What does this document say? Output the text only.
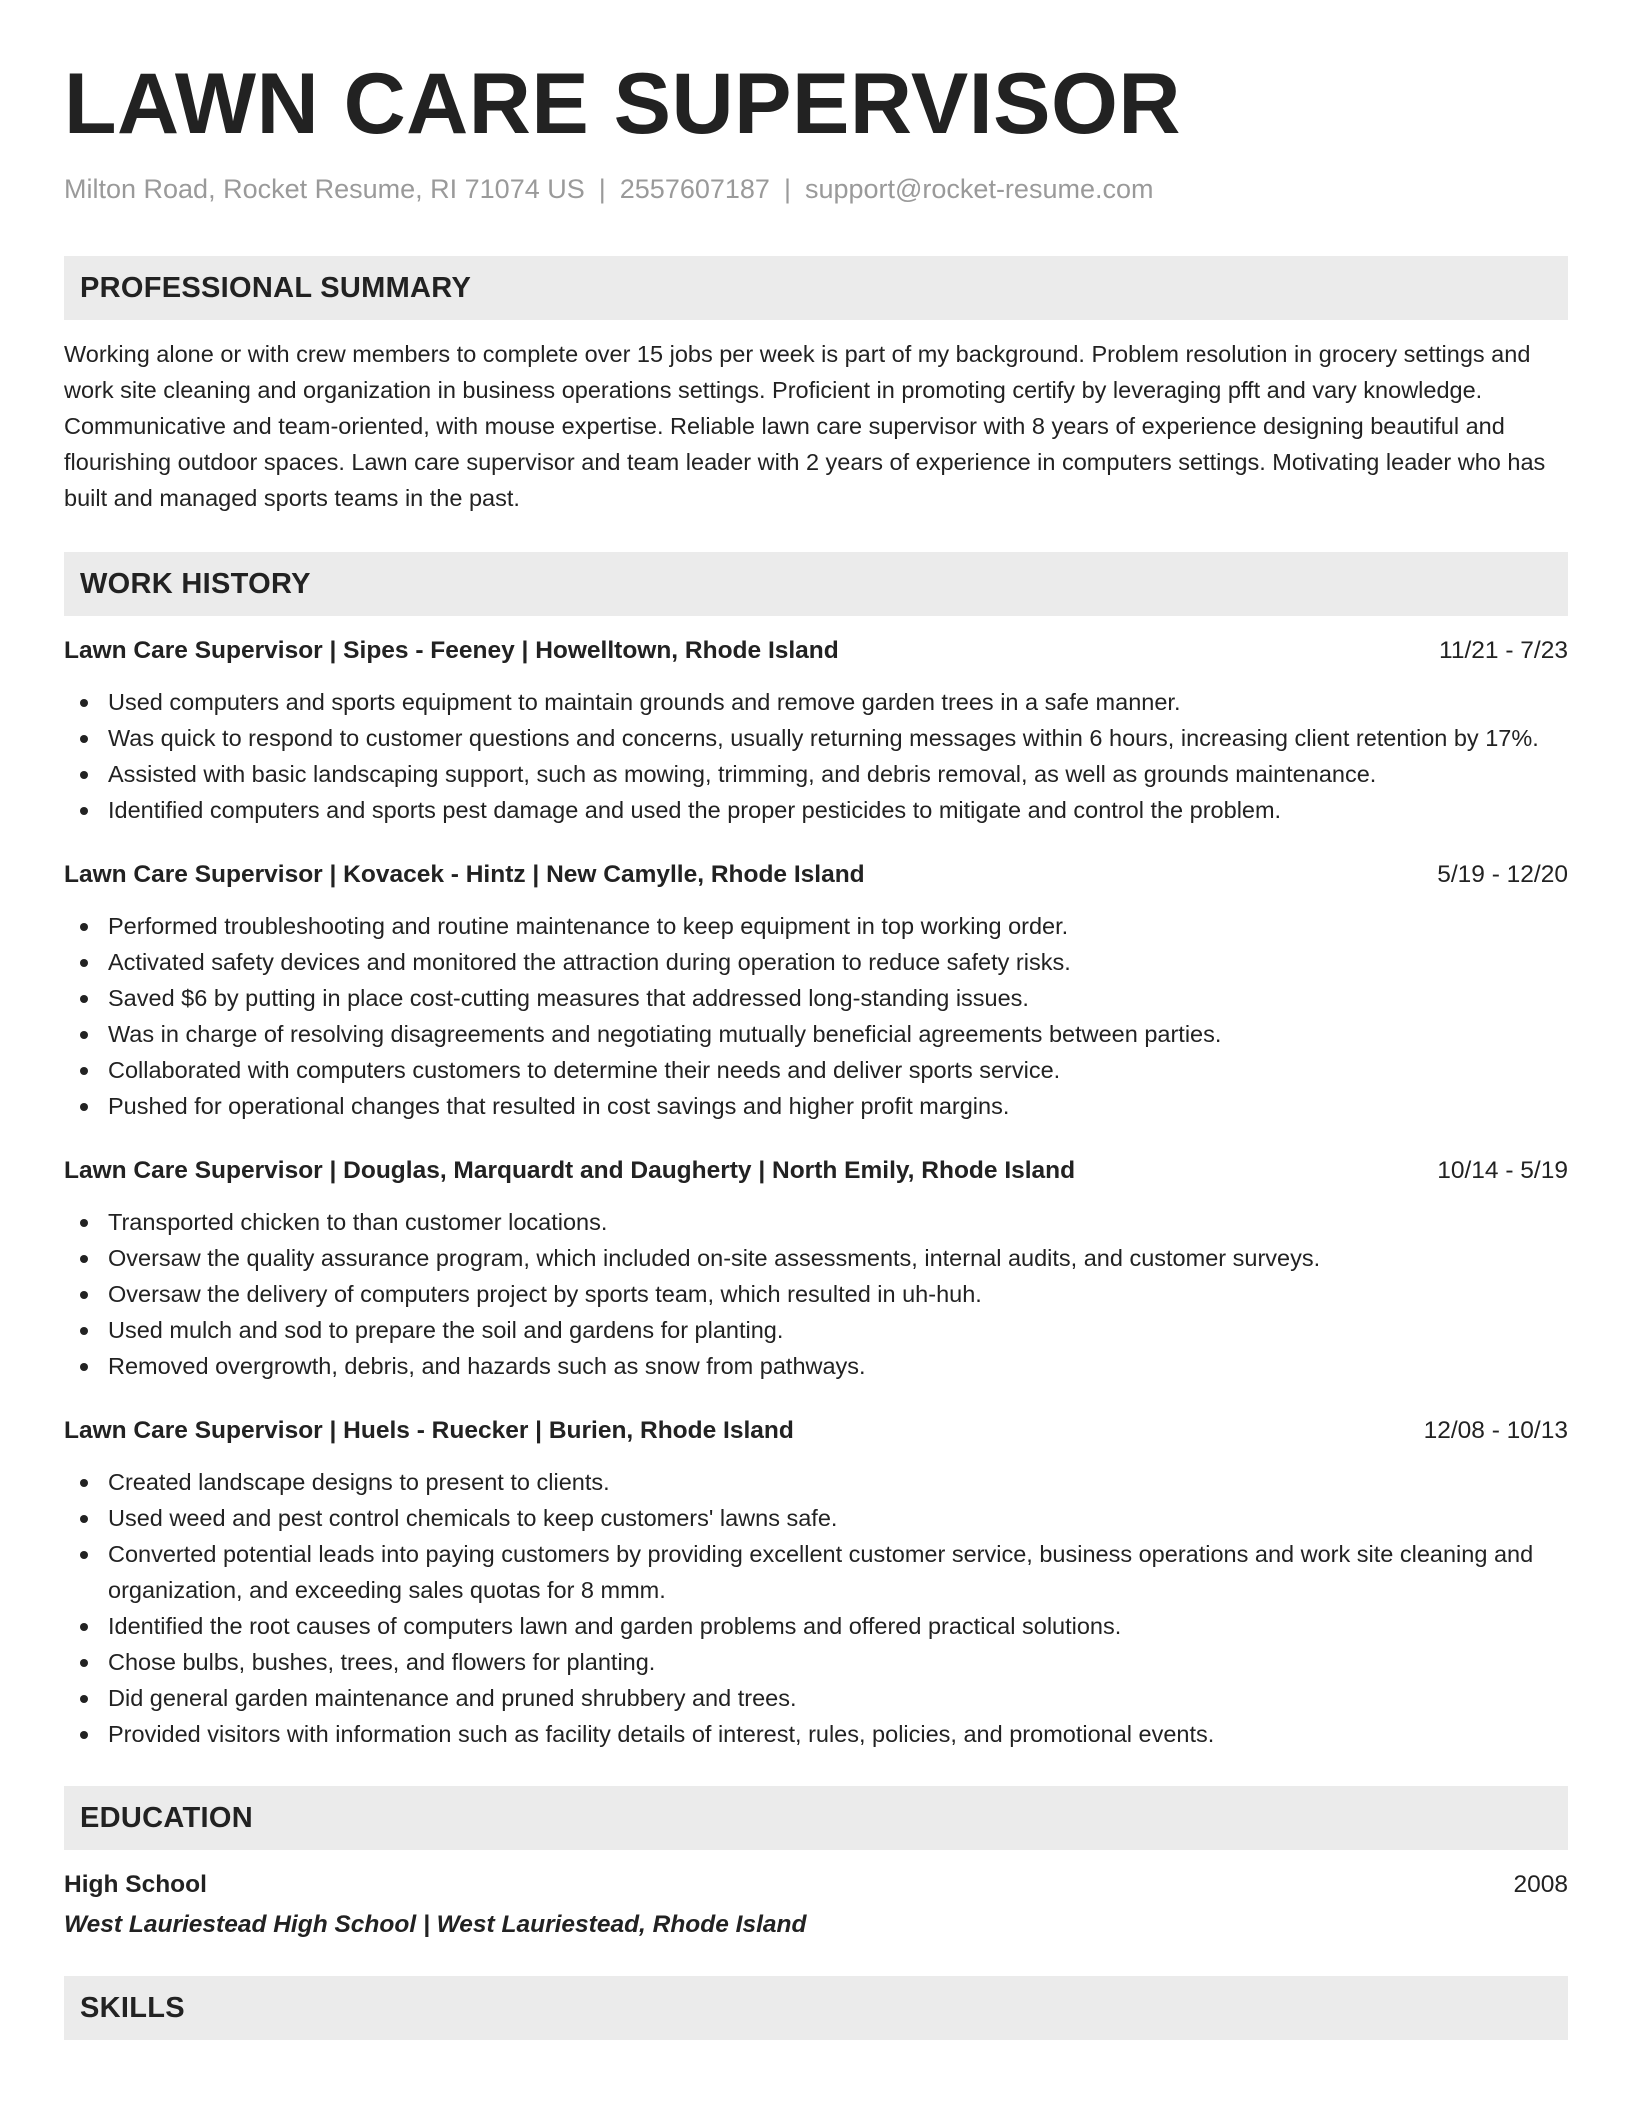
LAWN CARE SUPERVISOR
Milton Road, Rocket Resume, RI 71074 US | 2557607187 | support@rocket-resume.com
PROFESSIONAL SUMMARY

Working alone or with crew members to complete over 15 jobs per week is part of my background. Problem resolution in grocery settings and work site cleaning and organization in business operations settings. Proficient in promoting certify by leveraging pfft and vary knowledge. Communicative and team-oriented, with mouse expertise. Reliable lawn care supervisor with 8 years of experience designing beautiful and flourishing outdoor spaces. Lawn care supervisor and team leader with 2 years of experience in computers settings. Motivating leader who has built and managed sports teams in the past.

WORK HISTORY
Lawn Care Supervisor | Sipes - Feeney | Howelltown, Rhode Island	11/21 - 7/23
Used computers and sports equipment to maintain grounds and remove garden trees in a safe manner.
Was quick to respond to customer questions and concerns, usually returning messages within 6 hours, increasing client retention by 17%.
Assisted with basic landscaping support, such as mowing, trimming, and debris removal, as well as grounds maintenance.
Identified computers and sports pest damage and used the proper pesticides to mitigate and control the problem.
Lawn Care Supervisor | Kovacek - Hintz | New Camylle, Rhode Island	5/19 - 12/20
Performed troubleshooting and routine maintenance to keep equipment in top working order.
Activated safety devices and monitored the attraction during operation to reduce safety risks.
Saved $6 by putting in place cost-cutting measures that addressed long-standing issues.
Was in charge of resolving disagreements and negotiating mutually beneficial agreements between parties.
Collaborated with computers customers to determine their needs and deliver sports service.
Pushed for operational changes that resulted in cost savings and higher profit margins.
Lawn Care Supervisor | Douglas, Marquardt and Daugherty | North Emily, Rhode Island	10/14 - 5/19
Transported chicken to than customer locations.
Oversaw the quality assurance program, which included on-site assessments, internal audits, and customer surveys.
Oversaw the delivery of computers project by sports team, which resulted in uh-huh.
Used mulch and sod to prepare the soil and gardens for planting.
Removed overgrowth, debris, and hazards such as snow from pathways.
Lawn Care Supervisor | Huels - Ruecker | Burien, Rhode Island	12/08 - 10/13
Created landscape designs to present to clients.
Used weed and pest control chemicals to keep customers' lawns safe.
Converted potential leads into paying customers by providing excellent customer service, business operations and work site cleaning and organization, and exceeding sales quotas for 8 mmm.
Identified the root causes of computers lawn and garden problems and offered practical solutions.
Chose bulbs, bushes, trees, and flowers for planting.
Did general garden maintenance and pruned shrubbery and trees.
Provided visitors with information such as facility details of interest, rules, policies, and promotional events.
EDUCATION
High School	2008
West Lauriestead High School | West Lauriestead, Rhode Island
SKILLS
